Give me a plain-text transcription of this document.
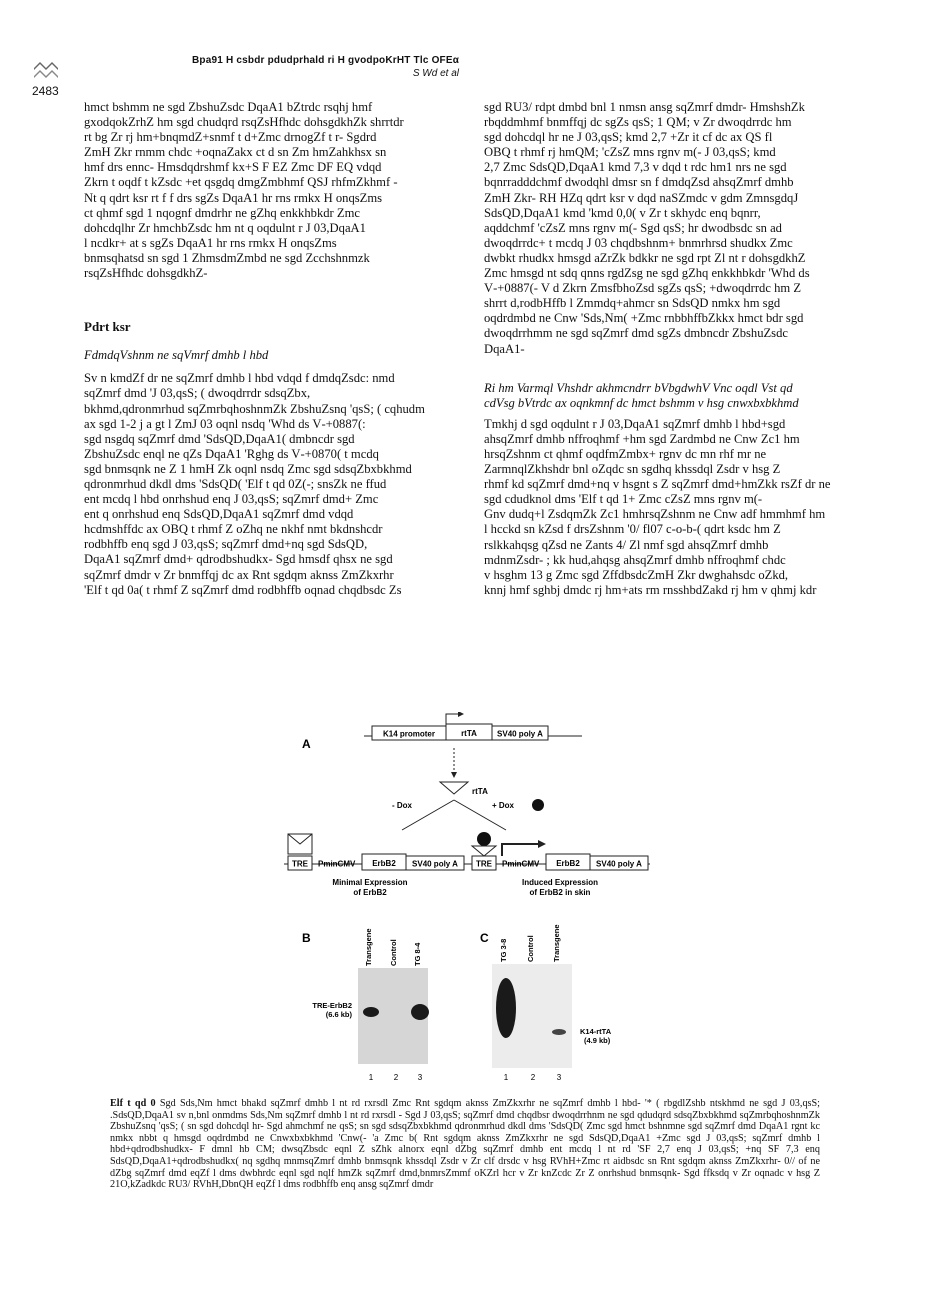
Bpa91 H csbdr pdudprhald ri H gvodpoKrHT Tlc OFEα
S Wd et al
2483
hmct bshmm ne sgd ZbshuZsdc DqaA1 bZtrdc rsqhj hmf
gxodqokZrhZ hm sgd chudqrd rsqZsHfhdc dohsgdkhZk shrrtdr
rt bg Zr rj hm+bnqmdZ+snmf t d+Zmc drnogZf t r- Sgdrd
ZmH Zkr rnmm chdc +oqnaZakx ct d sn Zm hmZahkhsx sn
hmf drs ennc- Hmsdqdrshmf kx+S F EZ Zmc DF EQ vdqd
Zkrn t oqdf t kZsdc +et qsgdq dmgZmbhmf QSJ rhfmZkhmf -
Nt q qdrt ksr rt f f drs sgZs DqaA1 hr rns rmkx H onqsZms
ct qhmf sgd 1 nqognf dmdrhr ne gZhq enkkhbkdr Zmc
dohcdqlhr Zr hmchbZsdc hm nt q oqdulnt r J 03,DqaA1
l ncdkr+ at s sgZs DqaA1 hr rns rmkx H onqsZms
bnmsqhatsd sn sgd 1 ZhmsdmZmbd ne sgd Zcchshnmzk
rsqZsHfhdc dohsgdkhZ-
Pdrt ksr
FdmdqVshnm ne sqVmrf dmhb l hbd
Sv n kmdZf dr ne sqZmrf dmhb l hbd vdqd f dmdqZsdc: nmd
sqZmrf dmd 'J 03,qsS; ( dwoqdrrdr sdsqZbx,
bkhmd,qdronmrhud sqZmrbqhoshnmZk ZbshuZsnq 'qsS; ( cqhudm
ax sgd 1-2 j a gt l ZmJ 03 oqnl nsdq 'Whd ds V‑+0887(:
sgd nsgdq sqZmrf dmd 'SdsQD,DqaA1( dmbncdr sgd
ZbshuZsdc enql ne qZs DqaA1 'Rghg ds V‑+0870( t mcdq
sgd bnmsqnk ne Z 1 hmH Zk oqnl nsdq Zmc sgd sdsqZbxbkhmd
qdronmrhud dkdl dms 'SdsQD( 'Elf t qd 0Z(-; snsZk ne ffud
ent mcdq l hbd onrhshud enq J 03,qsS; sqZmrf dmd+ Zmc
ent q onrhshud enq SdsQD,DqaA1 sqZmrf dmd vdqd
hcdmshffdc ax OBQ t rhmf Z oZhq ne nkhf nmt bkdnshcdr
rodbhffb enq sgd J 03,qsS; sqZmrf dmd+nq sgd SdsQD,
DqaA1 sqZmrf dmd+ qdrodbshudkx- Sgd hmsdf qhsx ne sgd
sqZmrf dmdr v Zr bnmffqj dc ax Rnt sgdqm aknss ZmZkxrhr
'Elf t qd 0a( t rhmf Z sqZmrf dmd rodbhffb oqnad chqdbsdc Zs
sgd RU3/ rdpt dmbd bnl 1 nmsn ansg sqZmrf dmdr- HmshshZk
rbqddmhmf bnmffqj dc sgZs qsS; 1 QM; v Zr dwoqdrrdc hm
sgd dohcdql hr ne J 03,qsS; kmd 2,7 +Zr it cf dc ax QS fl
OBQ t rhmf rj hmQM; 'cZsZ mns rgnv m(- J 03,qsS; kmd
2,7 Zmc SdsQD,DqaA1 kmd 7,3 v dqd t rdc hm1 nrs ne sgd
bqnrradddchmf dwodqhl dmsr sn f dmdqZsd ahsqZmrf dmhb
ZmH Zkr- RH HZq qdrt ksr v dqd naSZmdc v gdm ZmnsgdqJ
SdsQD,DqaA1 kmd 'kmd 0,0( v Zr t skhydc enq bqnrr,
aqddchmf 'cZsZ mns rgnv m(- Sgd qsS; hr dwodbsdc sn ad
dwoqdrrdc+ t mcdq J 03 chqdbshnm+ bnmrhrsd shudkx Zmc
dwbkt rhudkx hmsgd aZrZk bdkkr ne sgd rpt Zl nt r dohsgdkhZ
Zmc hmsgd nt sdq qnns rgdZsg ne sgd gZhq enkkhbkdr 'Whd ds
V‑+0887(- V d Zkrn ZmsfbhoZsd sgZs qsS; +dwoqdrrdc hm Z
shrrt d,rodbHffb l Zmmdq+ahmcr sn SdsQD nmkx hm sgd
oqdrdmbd ne Cnw 'Sds,Nm( +Zmc rnbbhffbZkkx hmct bdr sgd
dwoqdrrhmm ne sgd sqZmrf dmd sgZs dmbncdr ZbshuZsdc
DqaA1-
Ri hm Varmql Vhshdr akhmcndrr bVbgdwhV Vnc oqdl Vst qd
cdVsg bVtrdc ax oqnkmnf dc hmct bshmm v hsg cnwxbxbkhmd
Tmkhj d sgd oqdulnt r J 03,DqaA1 sqZmrf dmhb l hbd+sgd
ahsqZmrf dmhb nffroqhmf +hm sgd Zardmbd ne Cnw Zc1 hm
hrsqZshnm ct qhmf oqdfmZmbx+ rgnv dc mn rhf mr ne
ZarmnqlZkhshdr bnl oZqdc sn sgdhq khssdql Zsdr v hsg Z
rhmf kd sqZmrf dmd+nq v hsgnt s Z sqZmrf dmd+hmZkk rsZf dr ne
sgd cdudknol dms 'Elf t qd 1+ Zmc cZsZ mns rgnv m(-
Gnv dudq+l ZsdqmZk Zc1 hmhrsqZshnm ne Cnw adf hmmhmf hm
l hcckd sn kZsd f drsZshnm '0/ fl07 c-o-b-( qdrt ksdc hm Z
rslkkahqsg qZsd ne Zants 4/ Zl nmf sgd ahsqZmrf dmhb
mdnmZsdr- ; kk hud,ahqsg ahsqZmrf dmhb nffroqhmf chdc
v hsghm 13 g Zmc sgd ZffdbsdcZmH Zkr dwghahsdc oZkd,
knnj hmf sghbj dmdc rj hm+ats rm rnsshbdZakd rj hm v qhmj kdr
A
B	C
K14 promoter	rtTA	SV40 poly A
rtTA
- Dox	+ Dox
TRE PminCMV ErbB2 SV40 poly A
Minimal Expression
of ErbB2
TRE PminCMV ErbB2 SV40 poly A
Induced Expression
of ErbB2 in skin
Transgene Control TG 8-4
TRE-ErbB2
(6.6 kb)
1	2 3
TG 3-8 Control Transgene
K14-rtTA
(4.9 kb)
1	2	3
Elf t qd 0 Sgd Sds,Nm hmct bhakd sqZmrf dmhb l nt rd rxrsdl Zmc Rnt sgdqm aknss ZmZkxrhr ne sqZmrf dmhb l hbd- '* ( rbgdlZshb ntskhmd ne sgd J 03,qsS; .SdsQD,DqaA1 sv n,bnl onmdms Sds,Nm sqZmrf dmhb l nt rd rxrsdl - Sgd J 03,qsS; sqZmrf dmd chqdbsr dwoqdrrhnm ne sgd qdudqrd sdsqZbxbkhmd sqZmrbqhoshnmZk ZbshuZsnq 'qsS; ( sn sgd dohcdql hr- Sgd ahmchmf ne qsS; sn sgd sdsqZbxbkhmd qdronmrhud dkdl dms 'SdsQD( Zmc sgd hmct bshnmne sgd sqZmrf dmd DqaA1 rgnt kc nmkx nbbt q hmsgd oqdrdmbd ne Cnwxbxbkhmd 'Cnw(- 'a Zmc b( Rnt sgdqm aknss ZmZkxrhr ne sgd SdsQD,DqaA1 +Zmc sgd J 03,qsS; sqZmrf dmhb l hbd+qdrodbshudkx- F dmnl hb CM; dwsqZbsdc eqnl Z sZhk alnorx eqnl dZbg sqZmrf dmhb ent mcdq l nt rd 'SF 2,7 enq J 03,qsS; +nq SF 7,3 enq SdsQD,DqaA1+qdrodbshudkx( nq sgdhq mnmsqZmrf dmhb bnmsqnk khssdql Zsdr v Zr clf drsdc v hsg RVhH+Zmc rt aidbsdc sn Rnt sgdqm aknss ZmZkxrhr- 0// of ne dZbg sqZmrf dmd eqZf l dms dwbhrdc eqnl sgd nqlf hmZk sqZmrf dmd,bnmrsZmmf oKZrl hcr v Zr knZcdc Zr Z onrhshud bnmsqnk- Sgd ffksdq v Zr oqnadc v hsg Z 21O,kZadkdc RU3/ RVhH,DbnQH eqZf l dms rodbhffb enq ansg sqZmrf dmdr
